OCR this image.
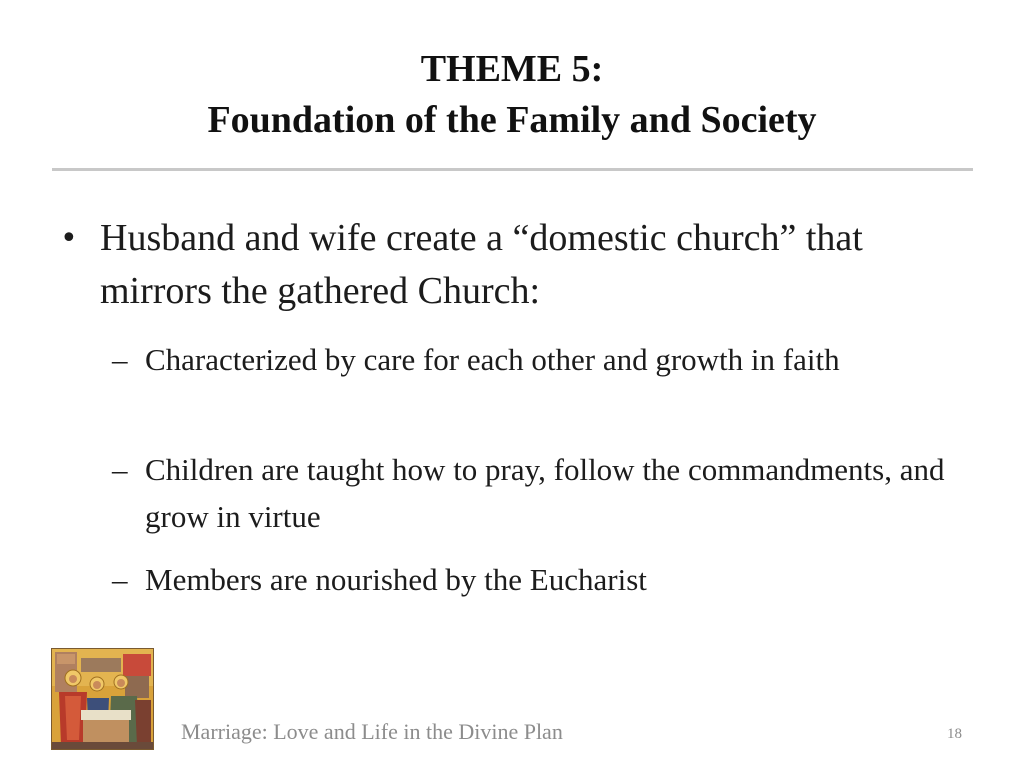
THEME 5:
Foundation of the Family and Society
• Husband and wife create a “domestic church” that mirrors the gathered Church:
– Characterized by care for each other and growth in faith
– Children are taught how to pray, follow the commandments, and grow in virtue
– Members are nourished by the Eucharist
Marriage: Love and Life in the Divine Plan	18
